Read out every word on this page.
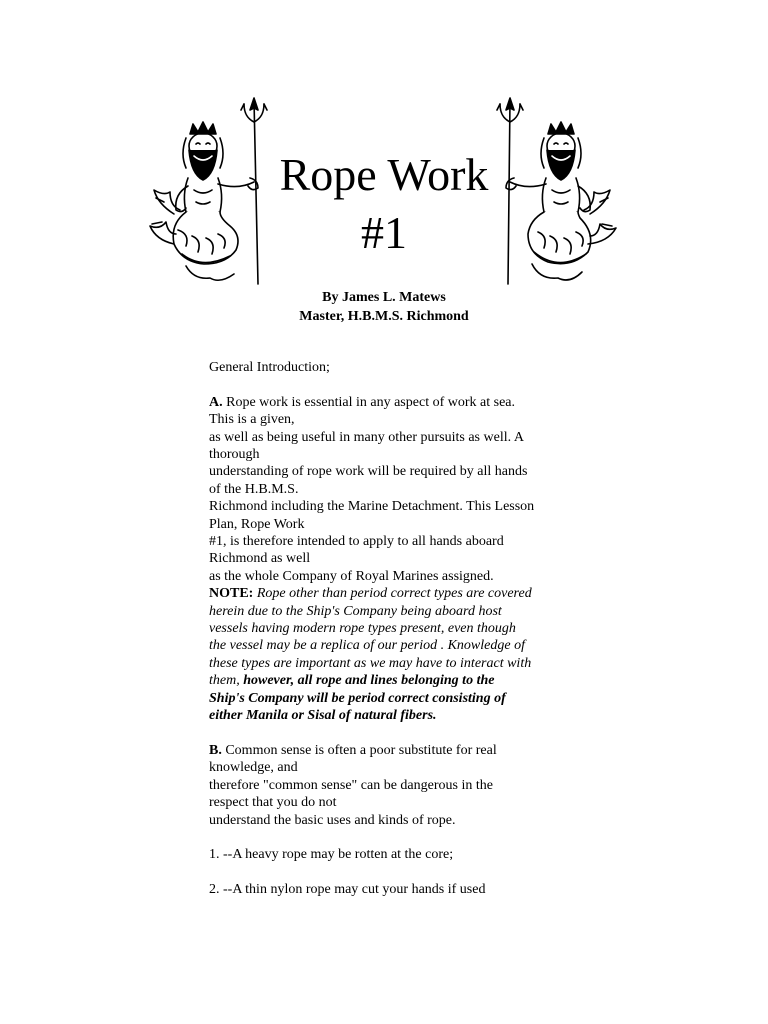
Rope Work
#1
By James L. Matews
Master, H.B.M.S. Richmond
General Introduction;
A. Rope work is essential in any aspect of work at sea.
This is a given,
as well as being useful in many other pursuits as well. A
thorough
understanding of rope work will be required by all hands
of the H.B.M.S.
Richmond including the Marine Detachment. This Lesson
Plan, Rope Work
#1, is therefore intended to apply to all hands aboard
Richmond as well
as the whole Company of Royal Marines assigned.
NOTE: Rope other than period correct types are covered
herein due to the Ship's Company being aboard host
vessels having modern rope types present, even though
the vessel may be a replica of our period . Knowledge of
these types are important as we may have to interact with
them, however, all rope and lines belonging to the
Ship's Company will be period correct consisting of
either Manila or Sisal of natural fibers.
B. Common sense is often a poor substitute for real
knowledge, and
therefore "common sense" can be dangerous in the
respect that you do not
understand the basic uses and kinds of rope.
1. --A heavy rope may be rotten at the core;
2. --A thin nylon rope may cut your hands if used
